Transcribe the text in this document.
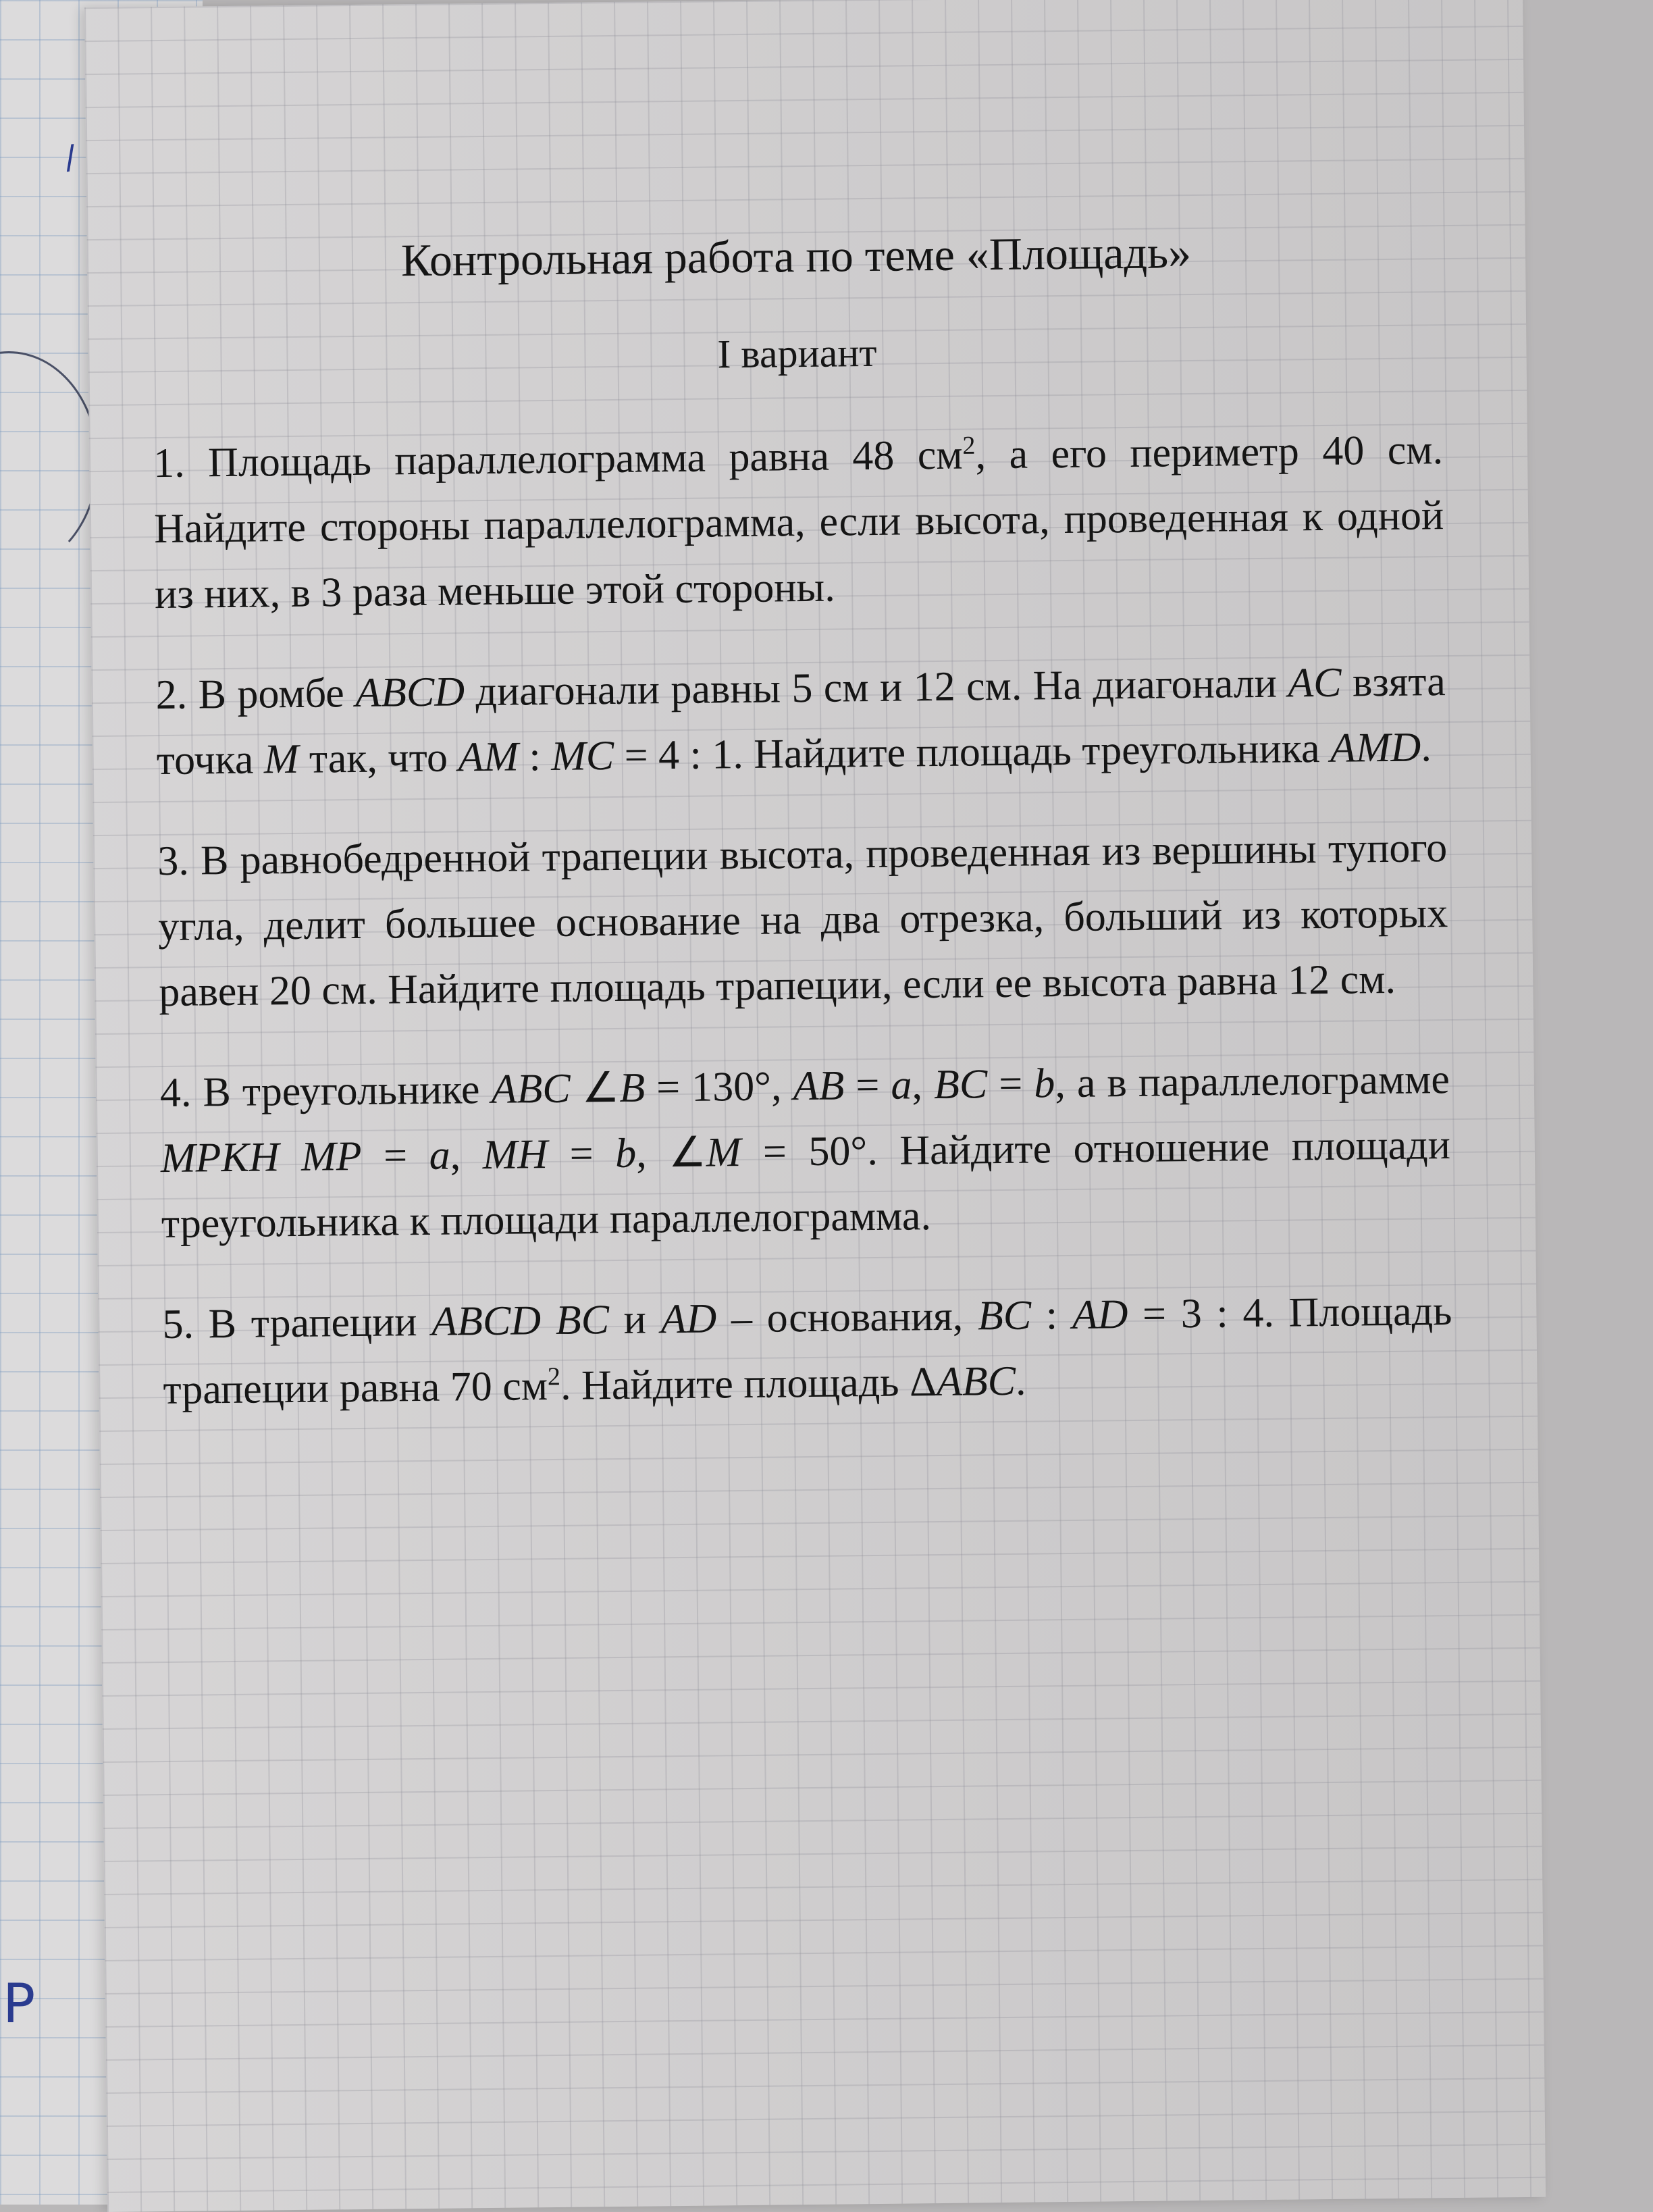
/
P
Контрольная работа по теме «Площадь»
I вариант

1. Площадь параллелограмма равна 48 $см^2$, а его периметр 40 см. Найдите стороны параллелограмма, если высота, проведенная к одной из них, в 3 раза меньше этой стороны.

2. В ромбе ABCD диагонали равны 5 см и 12 см. На диагонали AC взята точка M так, что AM : MC = 4 : 1. Найдите площадь треугольника AMD.

3. В равнобедренной трапеции высота, проведенная из вершины тупого угла, делит большее основание на два отрезка, больший из которых равен 20 см. Найдите площадь трапеции, если ее высота равна 12 см.

4. В треугольнике ABC ∠B = 130°, AB = a, BC = b, а в параллелограмме MPKH MP = a, MH = b, ∠M = 50°. Найдите отношение площади треугольника к площади параллелограмма.

5. В трапеции ABCD BC и AD – основания, BC : AD = 3 : 4. Площадь трапеции равна 70 $см^2$. Найдите площадь ΔABC.
